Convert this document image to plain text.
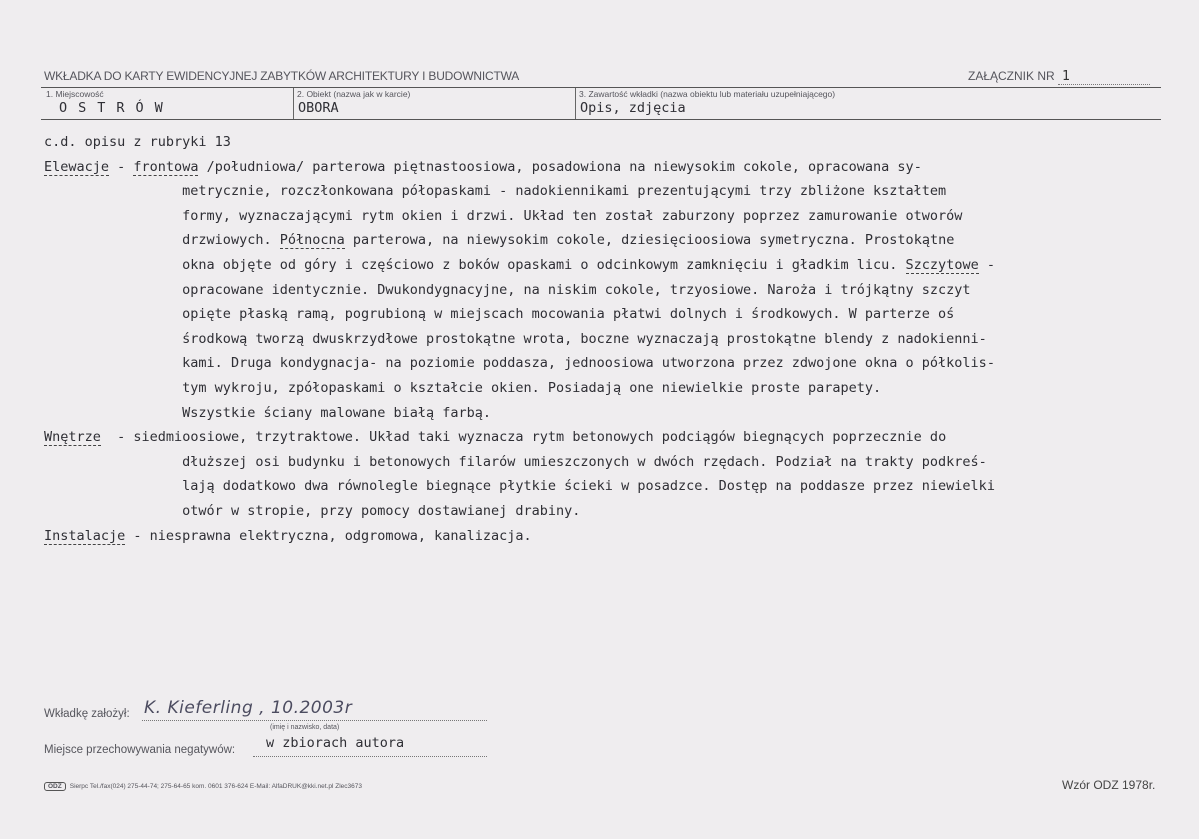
WKŁADKA DO KARTY EWIDENCYJNEJ ZABYTKÓW ARCHITEKTURY I BUDOWNICTWA	ZAŁĄCZNIK NR 1
1. Miejscowość
OSTRÓW
2. Obiekt (nazwa jak w karcie)
OBORA
3. Zawartość wkładki (nazwa obiektu lub materiału uzupełniającego)
Opis, zdjęcia
c.d. opisu z rubryki 13
Elewacje - frontowa /południowa/ parterowa piętnastoosiowa, posadowiona na niewysokim cokole, opracowana sy-
metrycznie, rozczłonkowana półopaskami - nadokiennikami prezentującymi trzy zbliżone kształtem
formy, wyznaczającymi rytm okien i drzwi. Układ ten został zaburzony poprzez zamurowanie otworów
drzwiowych. Północna parterowa, na niewysokim cokole, dziesięcioosiowa symetryczna. Prostokątne
okna objęte od góry i częściowo z boków opaskami o odcinkowym zamknięciu i gładkim licu. Szczytowe -
opracowane identycznie. Dwukondygnacyjne, na niskim cokole, trzyosiowe. Naroża i trójkątny szczyt
opięte płaską ramą, pogrubioną w miejscach mocowania płatwi dolnych i środkowych. W parterze oś
środkową tworzą dwuskrzydłowe prostokątne wrota, boczne wyznaczają prostokątne blendy z nadokienni-
kami. Druga kondygnacja- na poziomie poddasza, jednoosiowa utworzona przez zdwojone okna o półkolis-
tym wykroju, zpółopaskami o kształcie okien. Posiadają one niewielkie proste parapety.
Wszystkie ściany malowane białą farbą.
Wnętrze  - siedmioosiowe, trzytraktowe. Układ taki wyznacza rytm betonowych podciągów biegnących poprzecznie do
dłuższej osi budynku i betonowych filarów umieszczonych w dwóch rzędach. Podział na trakty podkreś-
lają dodatkowo dwa równolegle biegnące płytkie ścieki w posadzce. Dostęp na poddasze przez niewielki
otwór w stropie, przy pomocy dostawianej drabiny.
Instalacje - niesprawna elektryczna, odgromowa, kanalizacja.
Wkładkę założył: K. Kieferling , 10.2003r
(imię i nazwisko, data)
Miejsce przechowywania negatywów: w zbiorach autora
ODZ Sierpc Tel./fax(024) 275-44-74; 275-64-65 kom. 0601 376-624 E-Mail: AlfaDRUK@kki.net.pl Zlec3673	Wzór ODZ 1978r.
